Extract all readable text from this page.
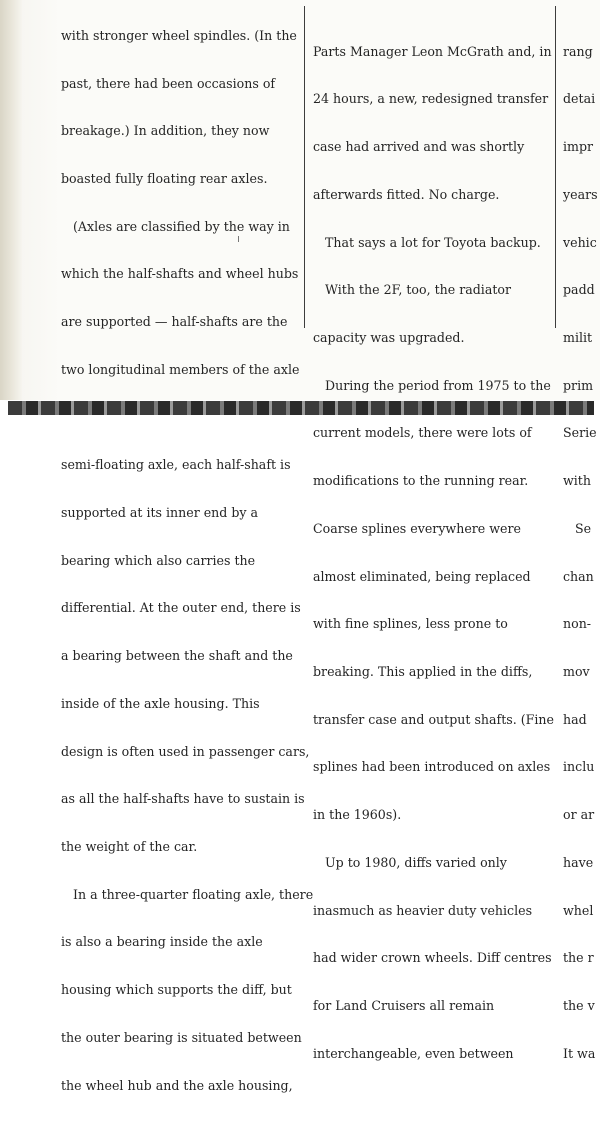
with stronger wheel spindles. (In the

past, there had been occasions of

breakage.) In addition, they now

boasted fully floating rear axles.

(Axles are classified by the way in

which the half-shafts and wheel hubs

are supported — half-shafts are the

two longitudinal members of the axle

semi-floating axle, each half-shaft is

supported at its inner end by a

bearing which also carries the

differential. At the outer end, there is

a bearing between the shaft and the

inside of the axle housing. This

design is often used in passenger cars,

as all the half-shafts have to sustain is

the weight of the car.

In a three-quarter floating axle, there

is also a bearing inside the axle

housing which supports the diff, but

the outer bearing is situated between

the wheel hub and the axle housing,

Parts Manager Leon McGrath and, in

24 hours, a new, redesigned transfer

case had arrived and was shortly

afterwards fitted. No charge.

That says a lot for Toyota backup.

With the 2F, too, the radiator

capacity was upgraded.

During the period from 1975 to the

current models, there were lots of

modifications to the running rear.

Coarse splines everywhere were

almost eliminated, being replaced

with fine splines, less prone to

breaking. This applied in the diffs,

transfer case and output shafts. (Fine

splines had been introduced on axles

in the 1960s).

Up to 1980, diffs varied only

inasmuch as heavier duty vehicles

had wider crown wheels. Diff centres

for Land Cruisers all remain

interchangeable, even between

rang

detai

impr

years

vehic

padd

milit

prim

Serie

with

Se

chan

non-

mov

had

inclu

or ar

have

whel

the r

the v

It wa
